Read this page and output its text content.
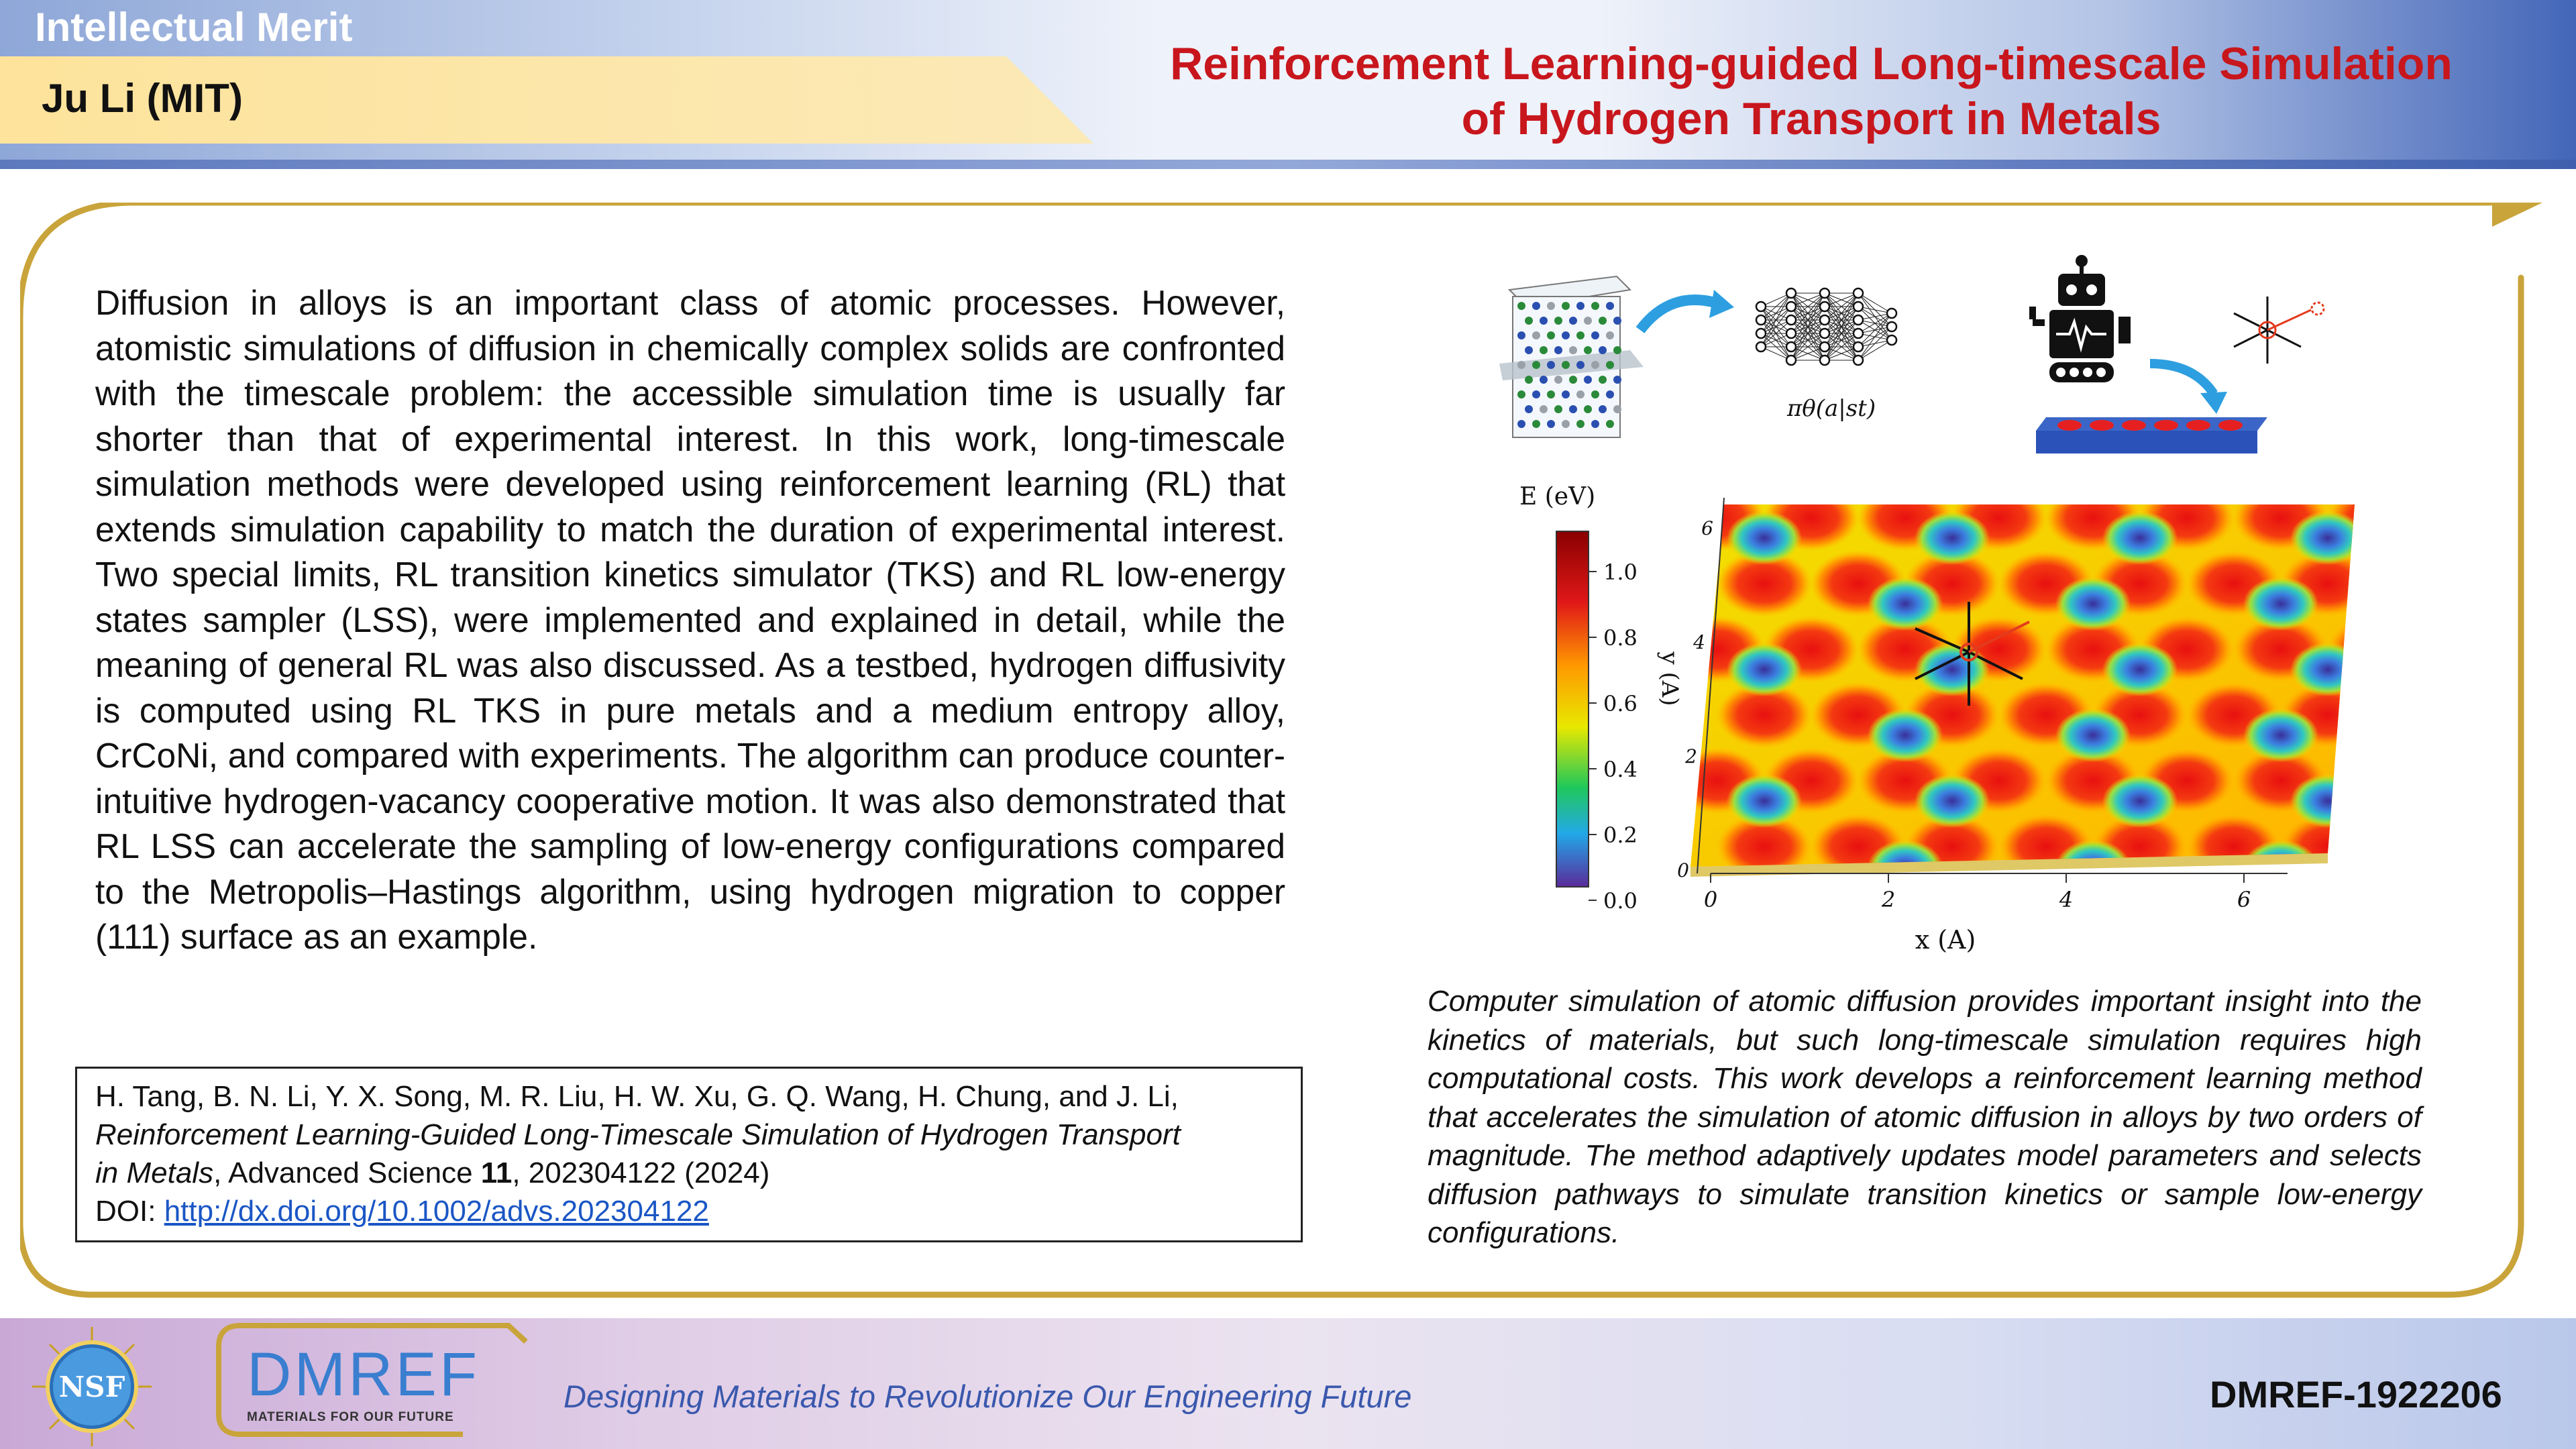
Intellectual Merit
Ju Li (MIT)
Reinforcement Learning-guided Long-timescale Simulation
of Hydrogen Transport in Metals
Diffusion in alloys is an important class of atomic processes. However, atomistic simulations of diffusion in chemically complex solids are confronted with the timescale problem: the accessible simulation time is usually far shorter than that of experimental interest. In this work, long-timescale simulation methods were developed using reinforcement learning (RL) that extends simulation capability to match the duration of experimental interest. Two special limits, RL transition kinetics simulator (TKS) and RL low-energy states sampler (LSS), were implemented and explained in detail, while the meaning of general RL was also discussed. As a testbed, hydrogen diffusivity is computed using RL TKS in pure metals and a medium entropy alloy, CrCoNi, and compared with experiments. The algorithm can produce counter-intuitive hydrogen-vacancy cooperative motion. It was also demonstrated that RL LSS can accelerate the sampling of low-energy configurations compared to the Metropolis–Hastings algorithm, using hydrogen migration to copper (111) surface as an example.
H. Tang, B. N. Li, Y. X. Song, M. R. Liu, H. W. Xu, G. Q. Wang, H. Chung, and J. Li,
Reinforcement Learning-Guided Long-Timescale Simulation of Hydrogen Transport
in Metals, Advanced Science 11, 202304122 (2024)
DOI: http://dx.doi.org/10.1002/advs.202304122
πθ(a|st)
E (eV)
1.0
0.8
0.6
0.4
0.2
0.0	0	2	4	6
0
2
4
6
x (A)
y (A)
Computer simulation of atomic diffusion provides important insight into the kinetics of materials, but such long-timescale simulation requires high computational costs. This work develops a reinforcement learning method that accelerates the simulation of atomic diffusion in alloys by two orders of magnitude. The method adaptively updates model parameters and selects diffusion pathways to simulate transition kinetics or sample low-energy configurations.
NSF DMREF
MATERIALS FOR OUR FUTURE
Designing Materials to Revolutionize Our Engineering Future	DMREF-1922206
